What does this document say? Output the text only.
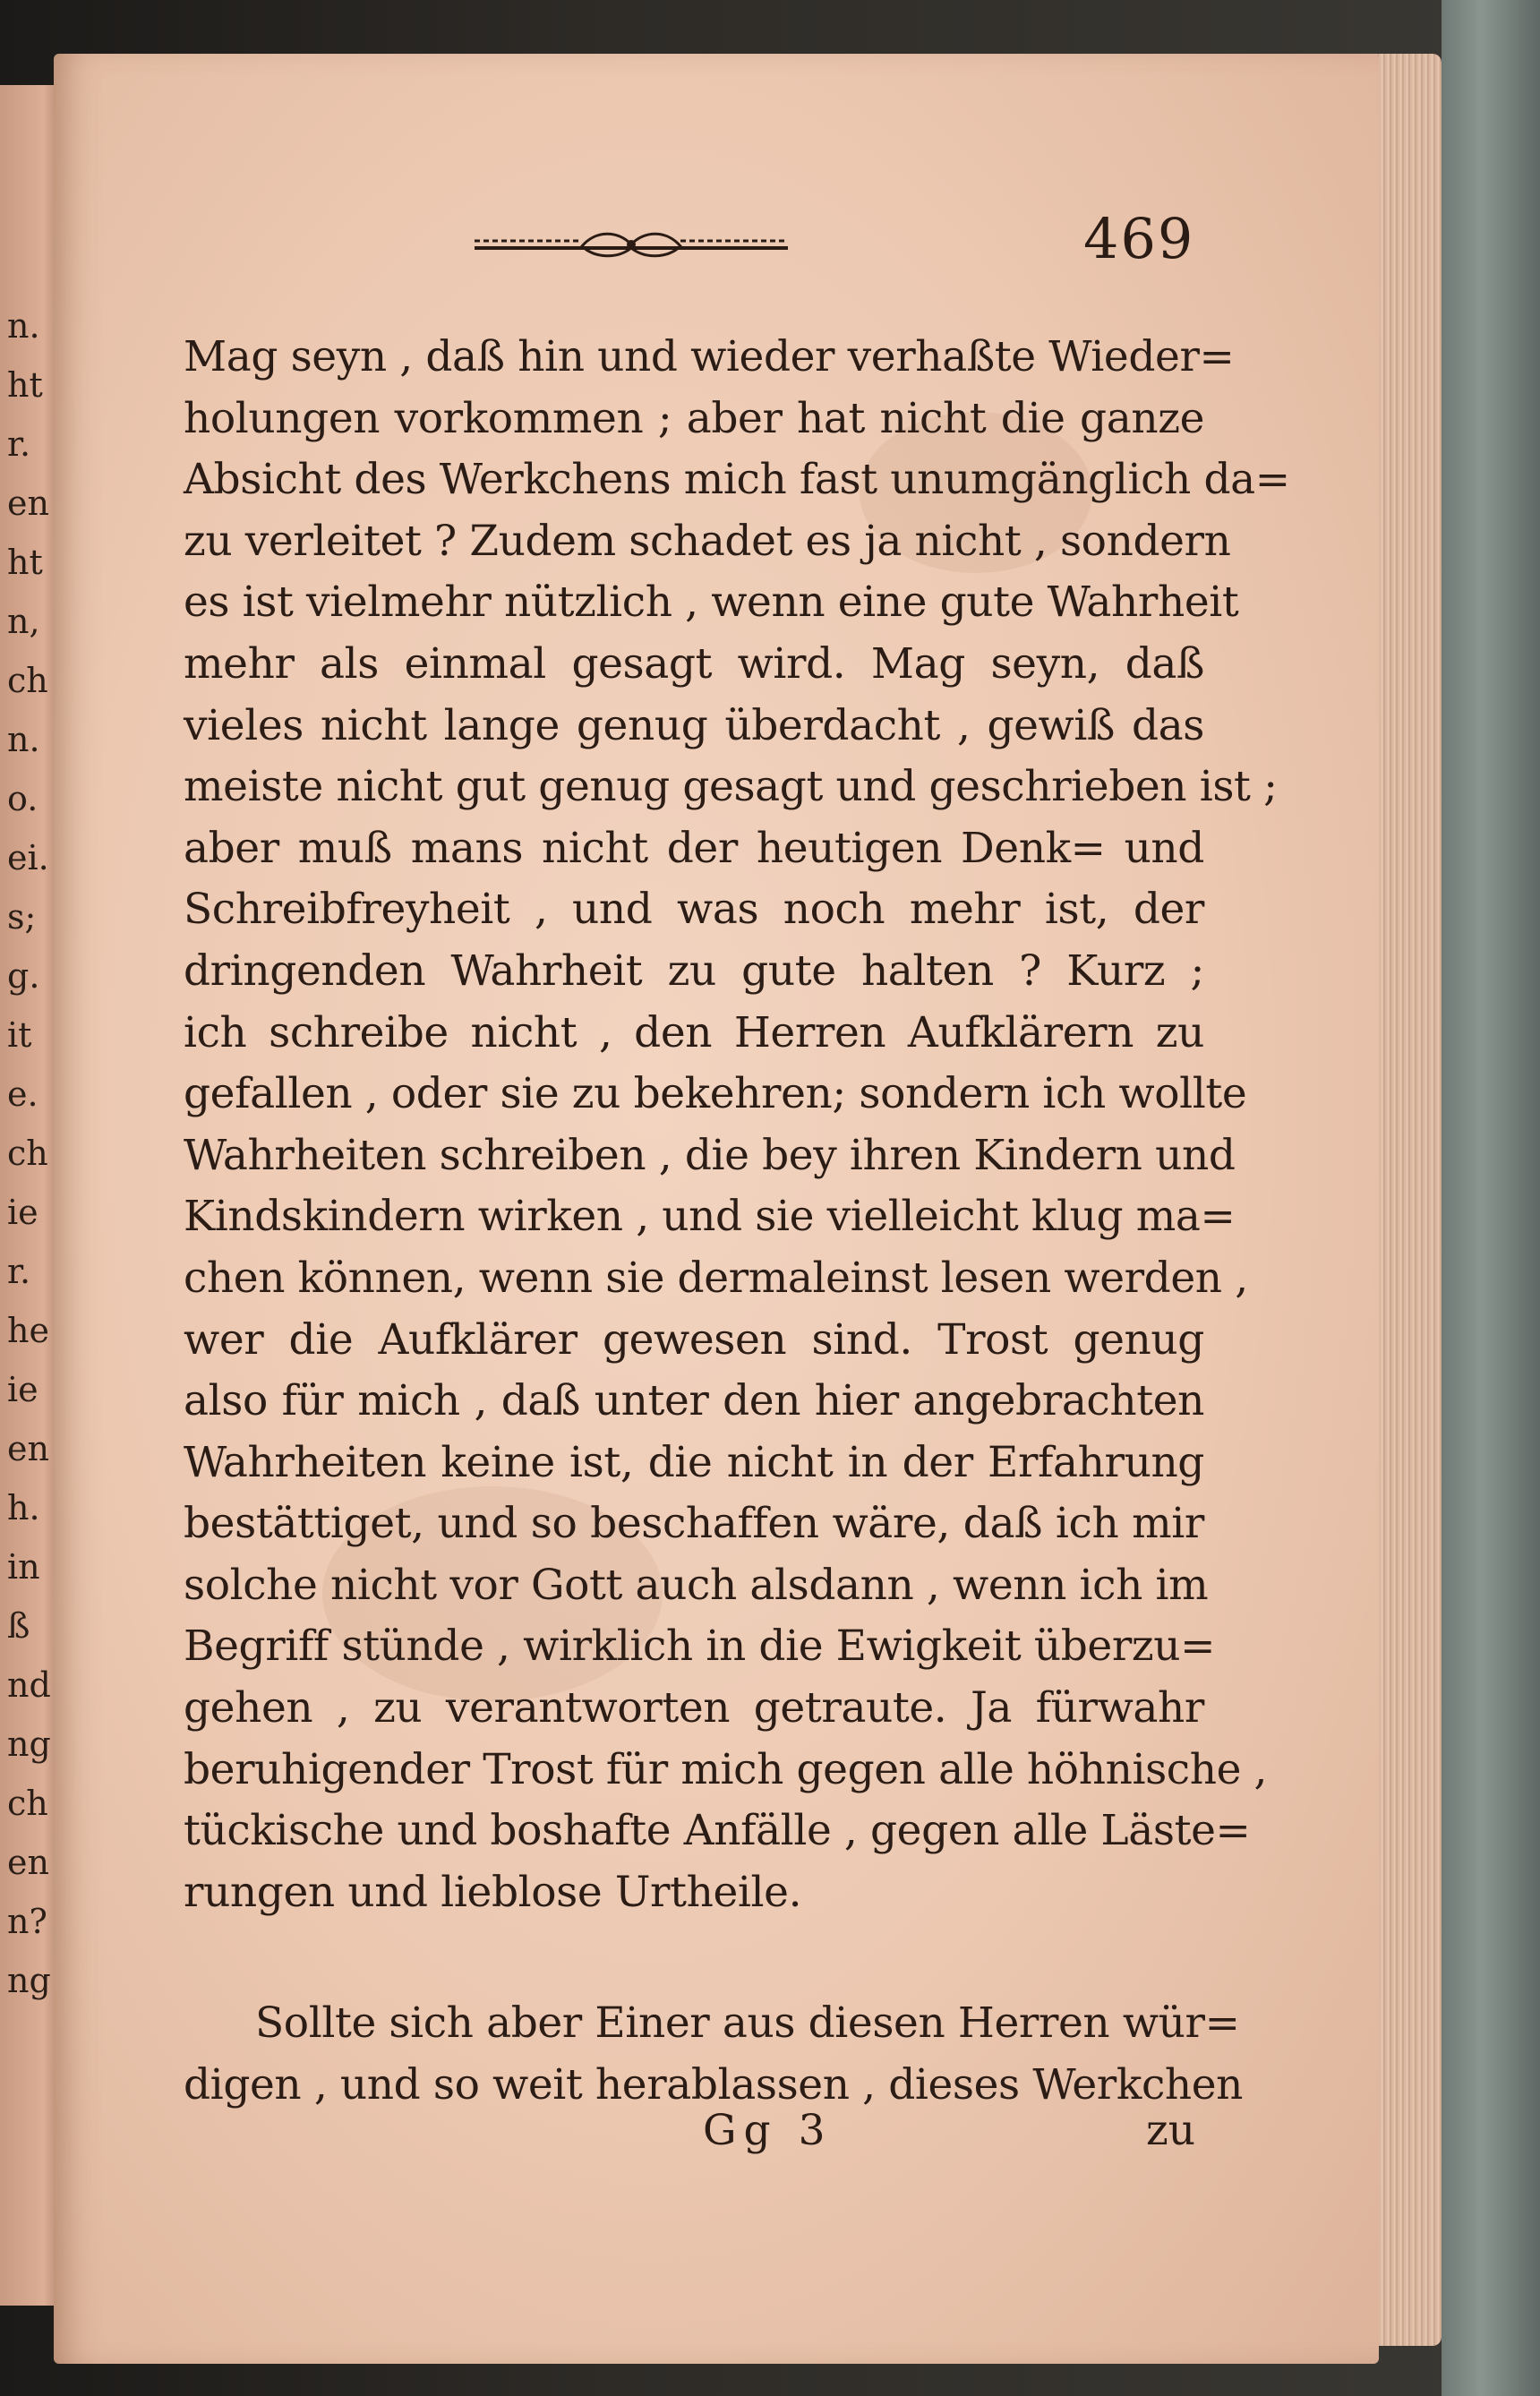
n.
ht
r.
en
ht
n,
ch
n.
o.
ei.
s;
g.
it
e.
ch
ie
r.
he
ie
en
h.
in
ß
nd
ng
ch
en
n?
ng
469
Mag seyn , daß hin und wieder verhaßte Wieder=
holungen vorkommen ; aber hat nicht die ganze
Absicht des Werkchens mich fast unumgänglich da=
zu verleitet ? Zudem schadet es ja nicht , sondern
es ist vielmehr nützlich , wenn eine gute Wahrheit
mehr als einmal gesagt wird. Mag seyn, daß
vieles nicht lange genug überdacht , gewiß das
meiste nicht gut genug gesagt und geschrieben ist ;
aber muß mans nicht der heutigen Denk= und
Schreibfreyheit , und was noch mehr ist, der
dringenden Wahrheit zu gute halten ? Kurz ;
ich schreibe nicht , den Herren Aufklärern zu
gefallen , oder sie zu bekehren; sondern ich wollte
Wahrheiten schreiben , die bey ihren Kindern und
Kindskindern wirken , und sie vielleicht klug ma=
chen können, wenn sie dermaleinst lesen werden ,
wer die Aufklärer gewesen sind. Trost genug
also für mich , daß unter den hier angebrachten
Wahrheiten keine ist, die nicht in der Erfahrung
bestättiget, und so beschaffen wäre, daß ich mir
solche nicht vor Gott auch alsdann , wenn ich im
Begriff stünde , wirklich in die Ewigkeit überzu=
gehen , zu verantworten getraute. Ja fürwahr
beruhigender Trost für mich gegen alle höhnische ,
tückische und boshafte Anfälle , gegen alle Läste=
rungen und lieblose Urtheile.
Sollte sich aber Einer aus diesen Herren wür=
digen , und so weit herablassen , dieses Werkchen
Gg 3	zu
